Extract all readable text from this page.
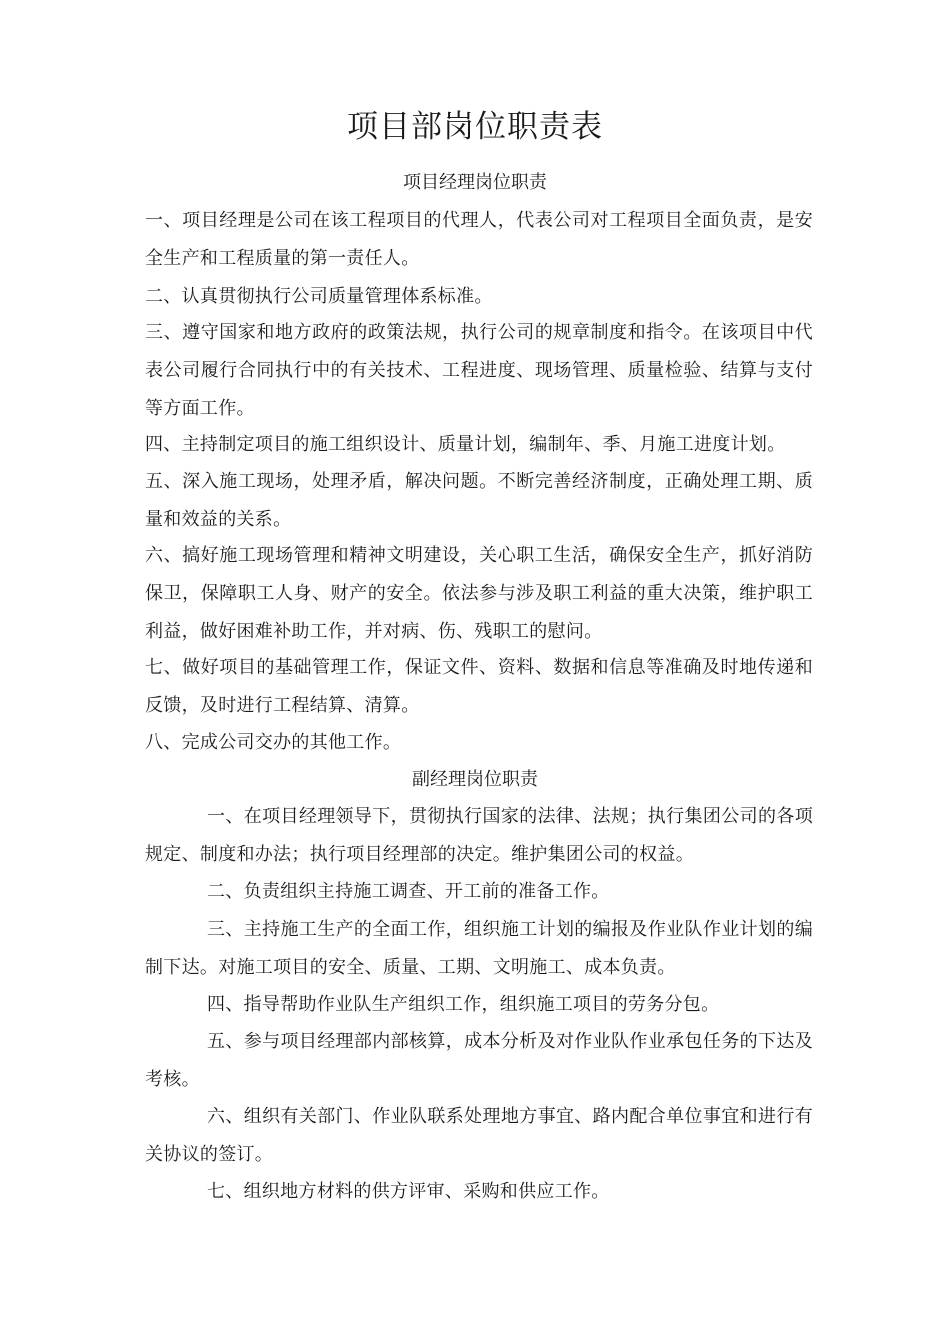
项目部岗位职责表
项目经理岗位职责

一、项目经理是公司在该工程项目的代理人，代表公司对工程项目全面负责，是安全生产和工程质量的第一责任人。

二、认真贯彻执行公司质量管理体系标准。

三、遵守国家和地方政府的政策法规，执行公司的规章制度和指令。在该项目中代表公司履行合同执行中的有关技术、工程进度、现场管理、质量检验、结算与支付等方面工作。

四、主持制定项目的施工组织设计、质量计划，编制年、季、月施工进度计划。

五、深入施工现场，处理矛盾，解决问题。不断完善经济制度，正确处理工期、质量和效益的关系。

六、搞好施工现场管理和精神文明建设，关心职工生活，确保安全生产，抓好消防保卫，保障职工人身、财产的安全。依法参与涉及职工利益的重大决策，维护职工利益，做好困难补助工作，并对病、伤、残职工的慰问。

七、做好项目的基础管理工作，保证文件、资料、数据和信息等准确及时地传递和反馈，及时进行工程结算、清算。

八、完成公司交办的其他工作。

副经理岗位职责

一、在项目经理领导下，贯彻执行国家的法律、法规；执行集团公司的各项规定、制度和办法；执行项目经理部的决定。维护集团公司的权益。

二、负责组织主持施工调查、开工前的准备工作。

三、主持施工生产的全面工作，组织施工计划的编报及作业队作业计划的编制下达。对施工项目的安全、质量、工期、文明施工、成本负责。

四、指导帮助作业队生产组织工作，组织施工项目的劳务分包。

五、参与项目经理部内部核算，成本分析及对作业队作业承包任务的下达及考核。

六、组织有关部门、作业队联系处理地方事宜、路内配合单位事宜和进行有关协议的签订。

七、组织地方材料的供方评审、采购和供应工作。
